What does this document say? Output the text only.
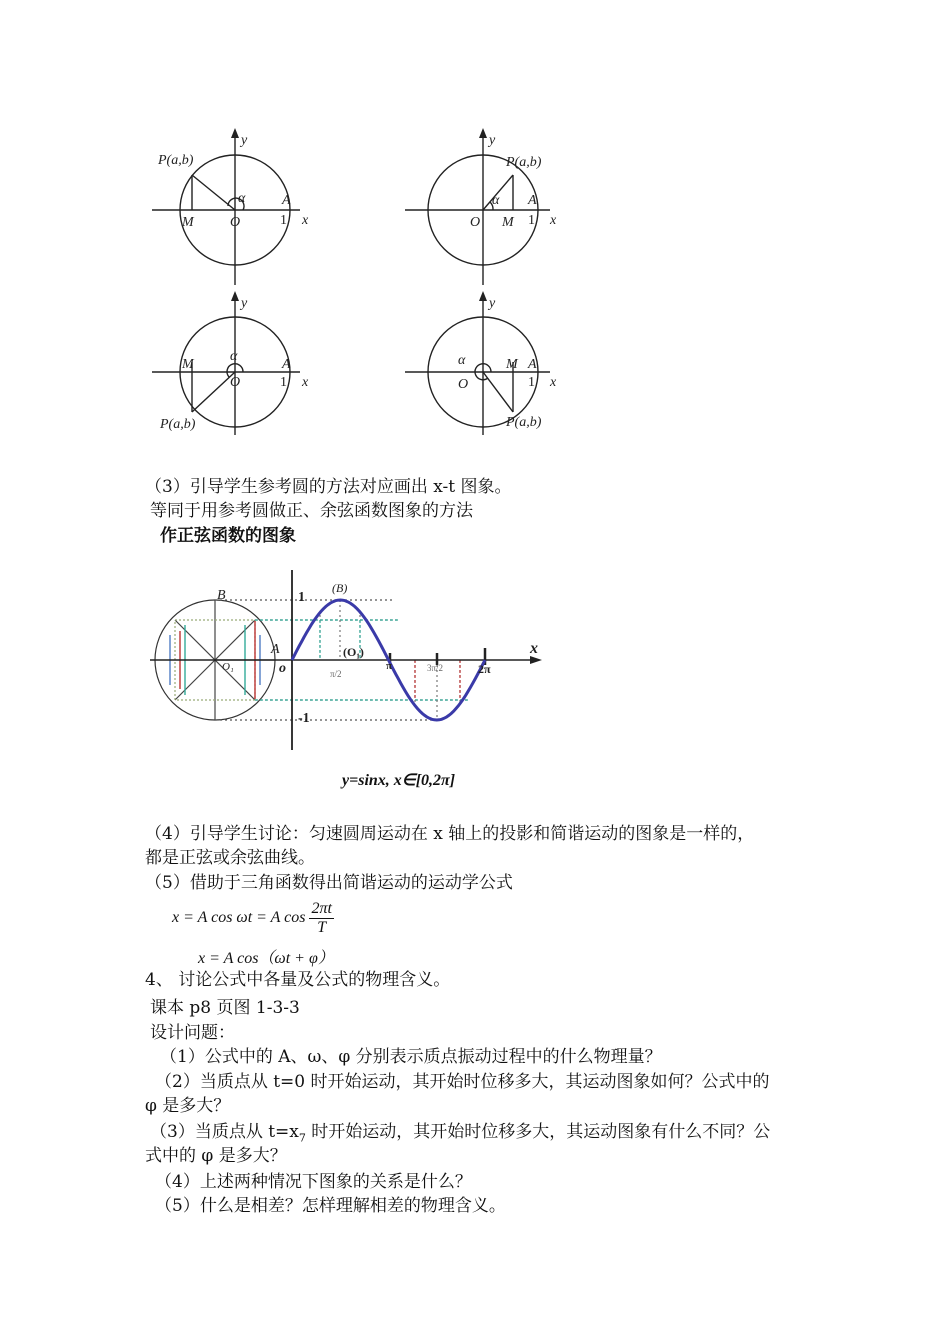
P(a,b)
α
M	O
A
1 x
y
P(a,b)
α
M
O
A
1 x
y
P(a,b)
α
M
O
A
1 x
y
P(a,b)
α	M
O
A
1 x
y
（3）引导学生参考圆的方法对应画出 x-t 图象。
等同于用参考圆做正、余弦函数图象的方法
作正弦函数的图象
B
A
O₁	o
x
1
-1
(B)
(O₁)
π/2
π	3π/2	2π
y=sinx, x∈[0,2π]
（4）引导学生讨论：匀速圆周运动在 x 轴上的投影和简谐运动的图象是一样的，
都是正弦或余弦曲线。
（5）借助于三角函数得出简谐运动的运动学公式
x = A cos ωt = A $\cos \frac{2\pi t}{T}$
x = A cos（ωt + φ）
4、 讨论公式中各量及公式的物理含义。
课本 p8 页图 1-3-3
设计问题：
（1）公式中的 A、ω、φ 分别表示质点振动过程中的什么物理量？
（2）当质点从 t=0 时开始运动，其开始时位移多大，其运动图象如何？公式中的
φ 是多大？
（3）当质点从 $t=x_7$ 时开始运动，其开始时位移多大，其运动图象有什么不同？公
式中的 φ 是多大？
（4）上述两种情况下图象的关系是什么？
（5）什么是相差？怎样理解相差的物理含义。
